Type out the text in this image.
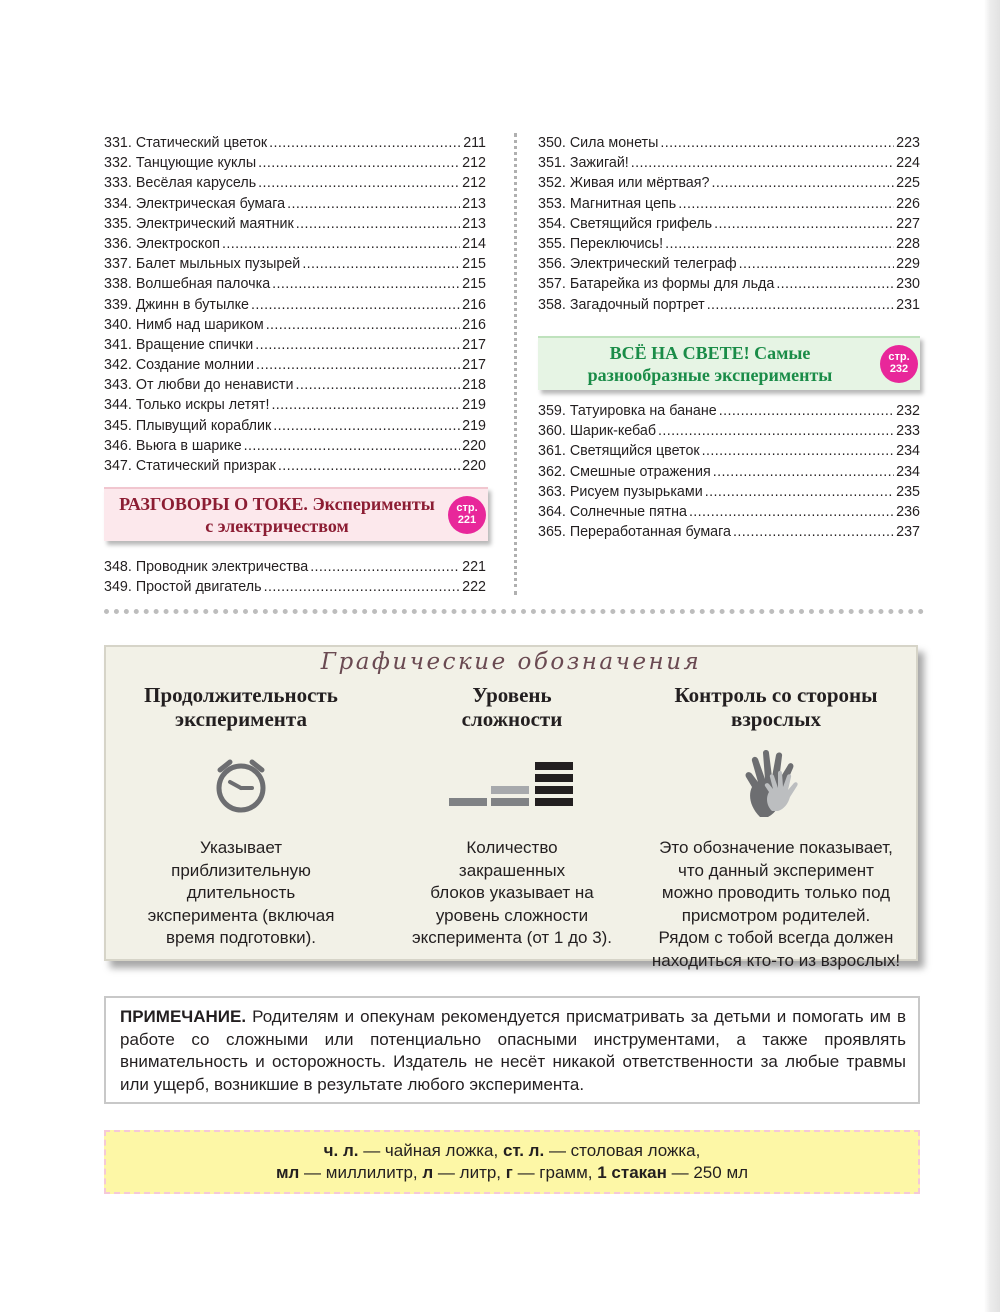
331. Статический цветок .....	211
332. Танцующие куклы .....	212
333. Весёлая карусель .....	212
334. Электрическая бумага .....	213
335. Электрический маятник .....	213
336. Электроскоп .....	214
337. Балет мыльных пузырей .....	215
338. Волшебная палочка .....	215
339. Джинн в бутылке .....	216
340. Нимб над шариком .....	216
341. Вращение спички .....	217
342. Создание молнии .....	217
343. От любви до ненависти .....	218
344. Только искры летят! .....	219
345. Плывущий кораблик .....	219
346. Вьюга в шарике .....	220
347. Статический призрак .....	220
РАЗГОВОРЫ О ТОКЕ. Эксперименты
с электричеством
стр.
221
348. Проводник электричества .....	221
349. Простой двигатель .....	222
350. Сила монеты .....	223
351. Зажигай! .....	224
352. Живая или мёртвая? .....	225
353. Магнитная цепь .....	226
354. Светящийся грифель .....	227
355. Переключись! .....	228
356. Электрический телеграф .....	229
357. Батарейка из формы для льда .....	230
358. Загадочный портрет .....	231
ВСЁ НА СВЕТЕ! Самые
разнообразные эксперименты
стр.
232
359. Татуировка на банане .....	232
360. Шарик-кебаб .....	233
361. Светящийся цветок .....	234
362. Смешные отражения .....	234
363. Рисуем пузырьками .....	235
364. Солнечные пятна .....	236
365. Переработанная бумага .....	237
Графические обозначения
Продолжительность
эксперимента
Указывает
приблизительную
длительность
эксперимента (включая
время подготовки).
Уровень
сложности
Количество
закрашенных
блоков указывает на
уровень сложности
эксперимента (от 1 до 3).
Контроль со стороны
взрослых
Это обозначение показывает,
что данный эксперимент
можно проводить только под
присмотром родителей.
Рядом с тобой всегда должен
находиться кто-то из взрослых!
ПРИМЕЧАНИЕ. Родителям и опекунам рекомендуется присматривать за детьми и помогать им в работе со сложными или потенциально опасными инструментами, а также проявлять внимательность и осторожность. Издатель не несёт никакой ответственности за любые травмы или ущерб, возникшие в результате любого эксперимента.
ч. л. — чайная ложка, ст. л. — столовая ложка,
мл — миллилитр, л — литр, г — грамм, 1 стакан — 250 мл
